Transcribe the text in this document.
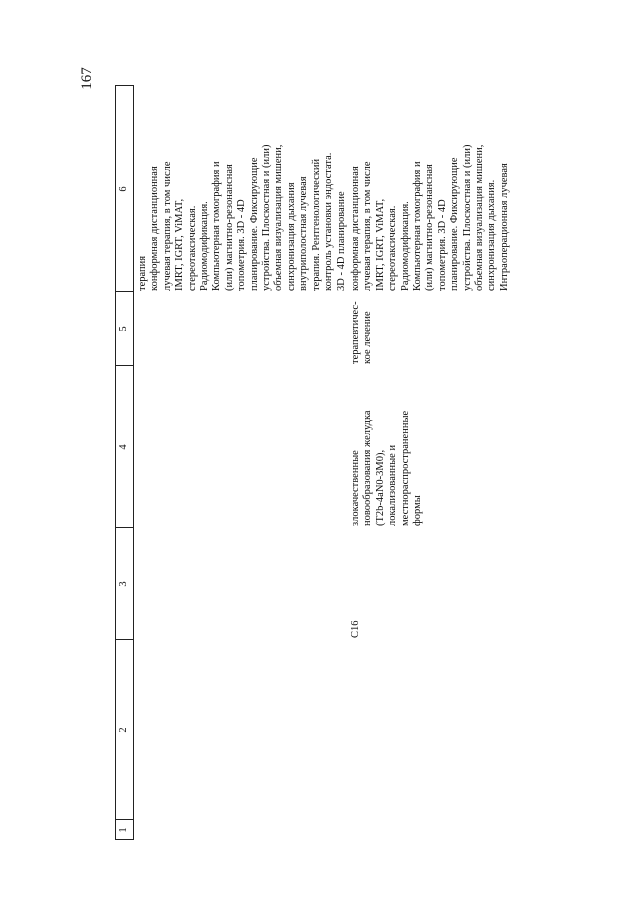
167
1
2
3
4
5
6
терапия конформная дистанционная лучевая терапия, в том числе IMRT, IGRT, ViMAT, стереотаксическая. Радиомодификация. Компьютерная томография и (или) магнитно-резонансная топометрия. 3D - 4D планирование. Фиксирующие устройства. Плоскостная и (или) объемная визуализация мишени, синхронизация дыхания внутриполостная лучевая терапия. Рентгенологический контроль установки эндостата. 3D - 4D планирование
C16
злокачественные новообразования желудка (T2b-4aN0-3M0), локализованные и местнораспространенные формы
терапевтичес- кое лечение
конформная дистанционная лучевая терапия, в том числе IMRT, IGRT, ViMAT, стереотаксическая. Радиомодификация. Компьютерная томография и (или) магнитно-резонансная топометрия. 3D - 4D планирование. Фиксирующие устройства. Плоскостная и (или) объемная визуализация мишени, синхронизация дыхания. Интраоперационная лучевая
